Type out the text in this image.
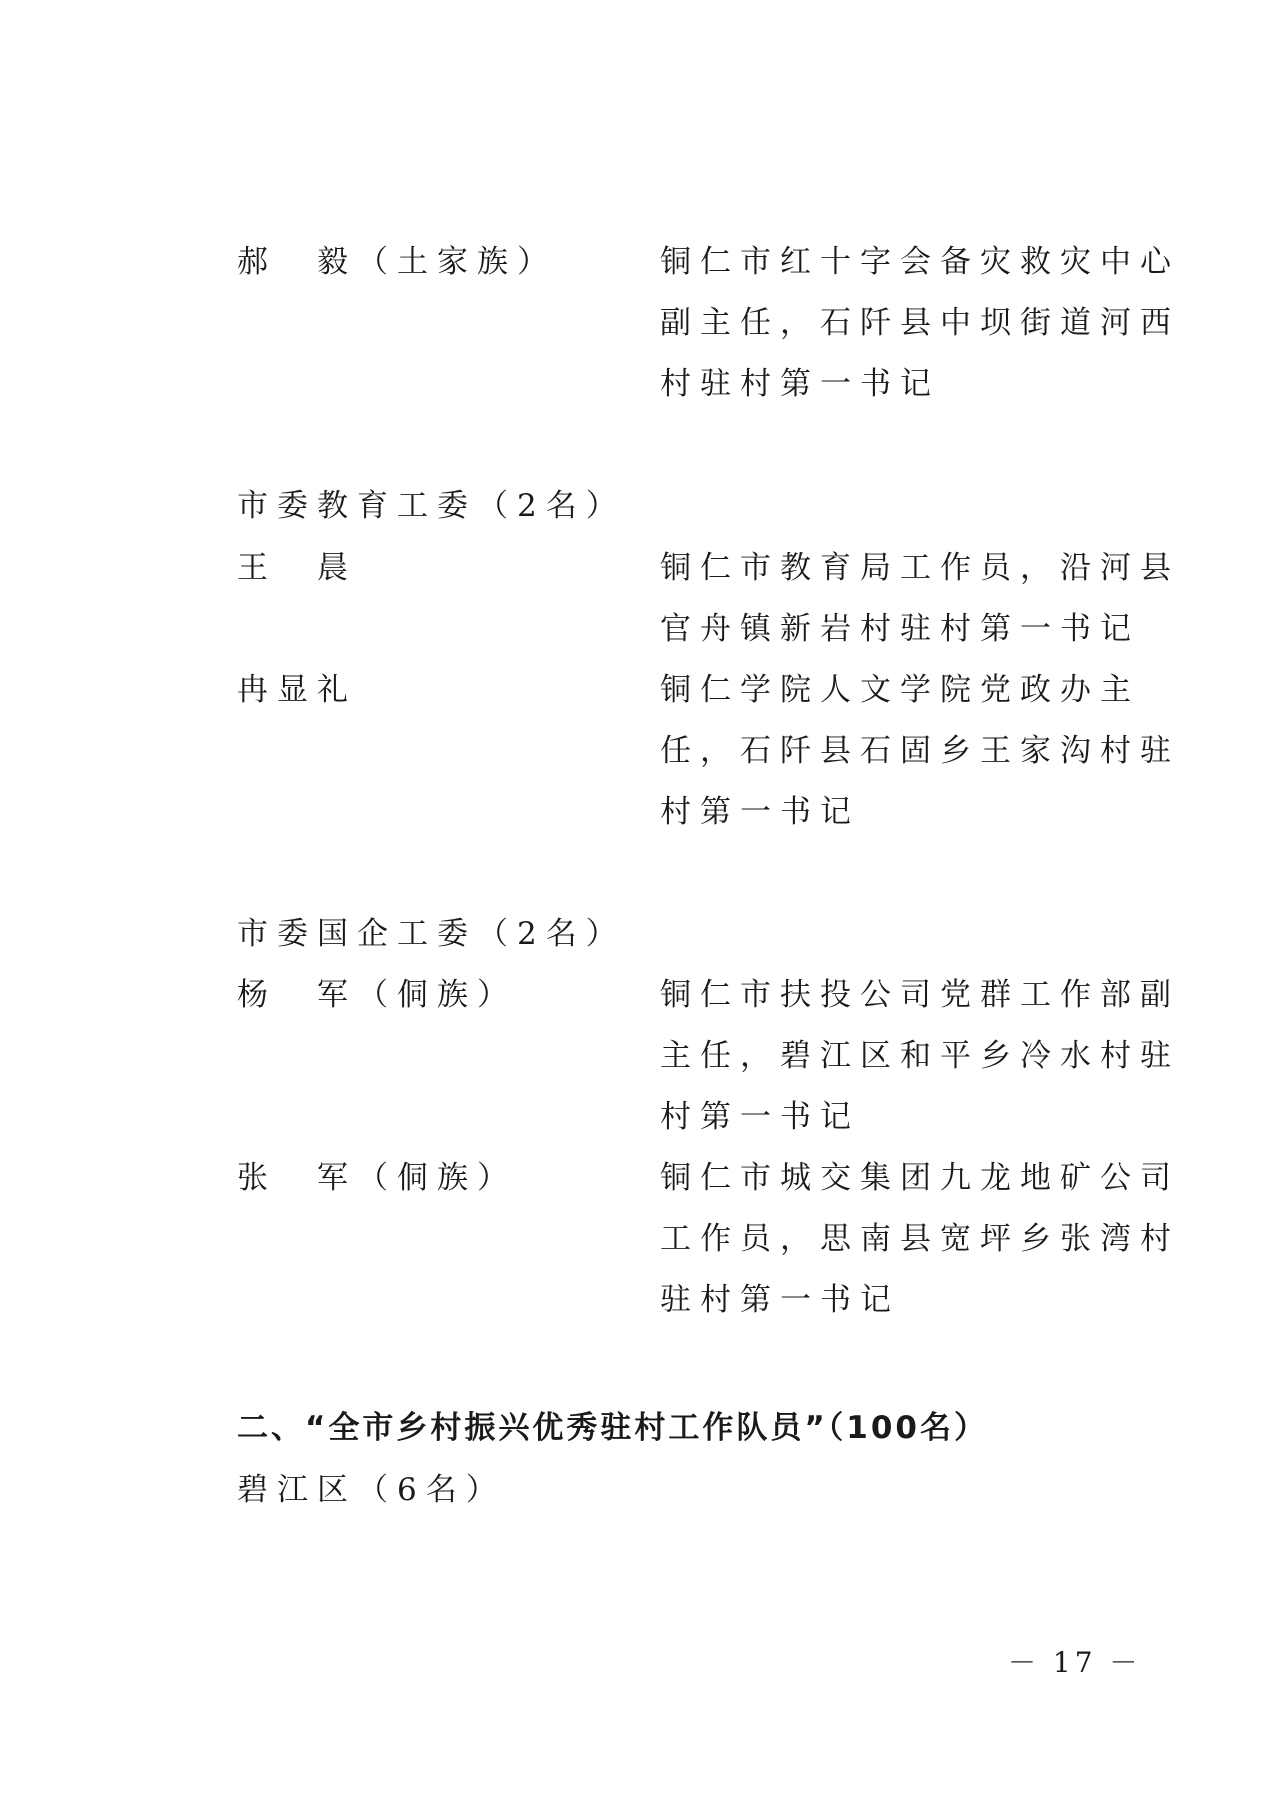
郝　毅（土家族）	铜仁市红十字会备灾救灾中心
副主任，石阡县中坝街道河西
村驻村第一书记
市委教育工委（2名）
王　晨	铜仁市教育局工作员，沿河县
官舟镇新岩村驻村第一书记
冉显礼	铜仁学院人文学院党政办主
任，石阡县石固乡王家沟村驻
村第一书记
市委国企工委（2名）
杨　军（侗族）	铜仁市扶投公司党群工作部副
主任，碧江区和平乡冷水村驻
村第一书记
张　军（侗族）	铜仁市城交集团九龙地矿公司
工作员，思南县宽坪乡张湾村
驻村第一书记
二、“全市乡村振兴优秀驻村工作队员”（100名）
碧江区（6名）
－ 17 －
